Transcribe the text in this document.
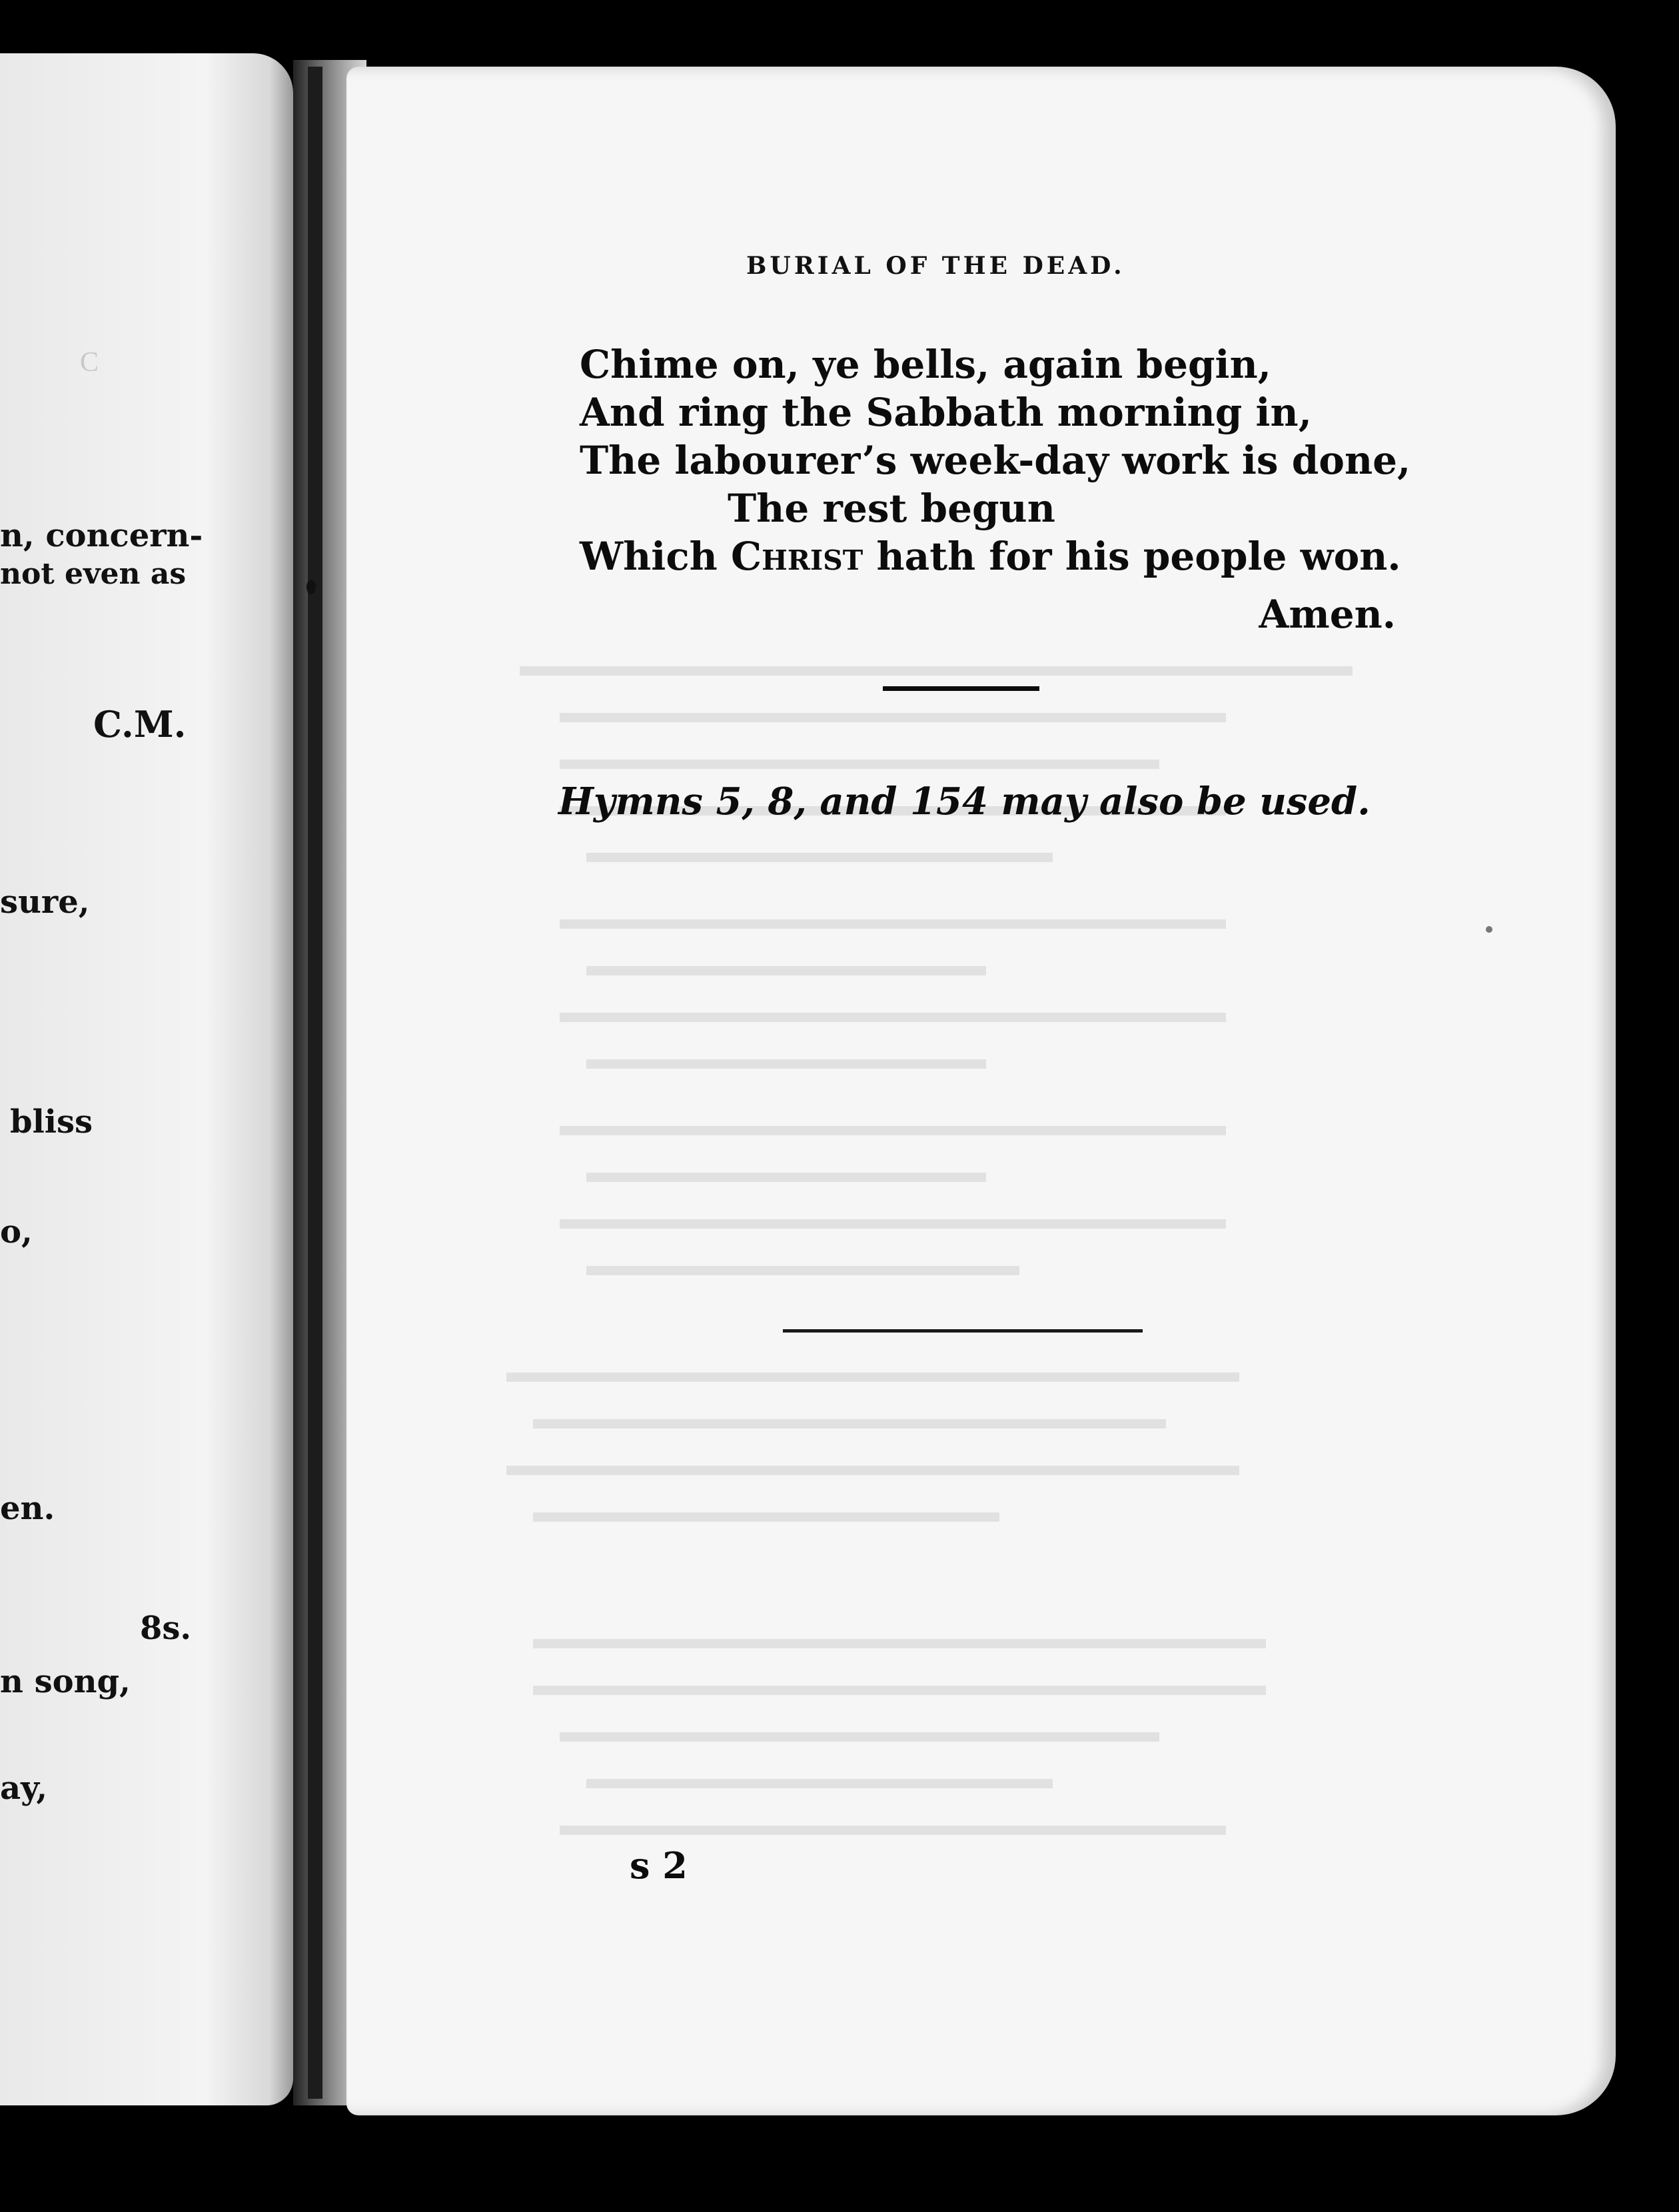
C
n, concern-
not even as
C.M.
sure,
bliss
o,
en.
8s.
n song,
ay,
BURIAL OF THE DEAD.
Chime on, ye bells, again begin,
And ring the Sabbath morning in,
The labourer’s week-day work is done,
The rest begun
Which Christ hath for his people won.
Amen.
Hymns 5, 8, and 154 may also be used.
s 2
